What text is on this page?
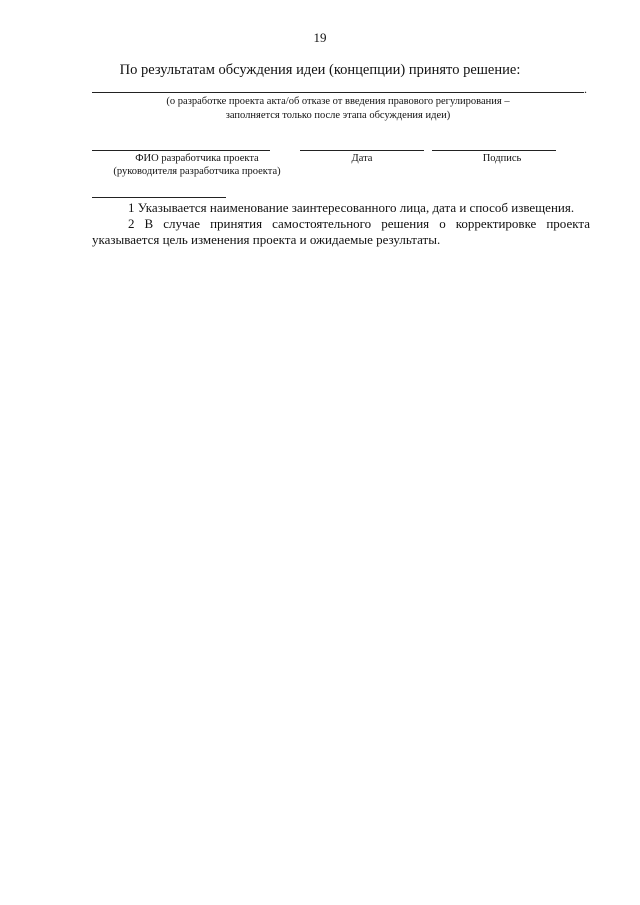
19
По результатам обсуждения идеи (концепции) принято решение:
.
(о разработке проекта акта/об отказе от введения правового регулирования –
заполняется только после этапа обсуждения идеи)
ФИО разработчика проекта
(руководителя разработчика проекта)
Дата	Подпись
1 Указывается наименование заинтересованного лица, дата и способ извещения.
2 В случае принятия самостоятельного решения о корректировке проекта указывается цель изменения проекта и ожидаемые результаты.
